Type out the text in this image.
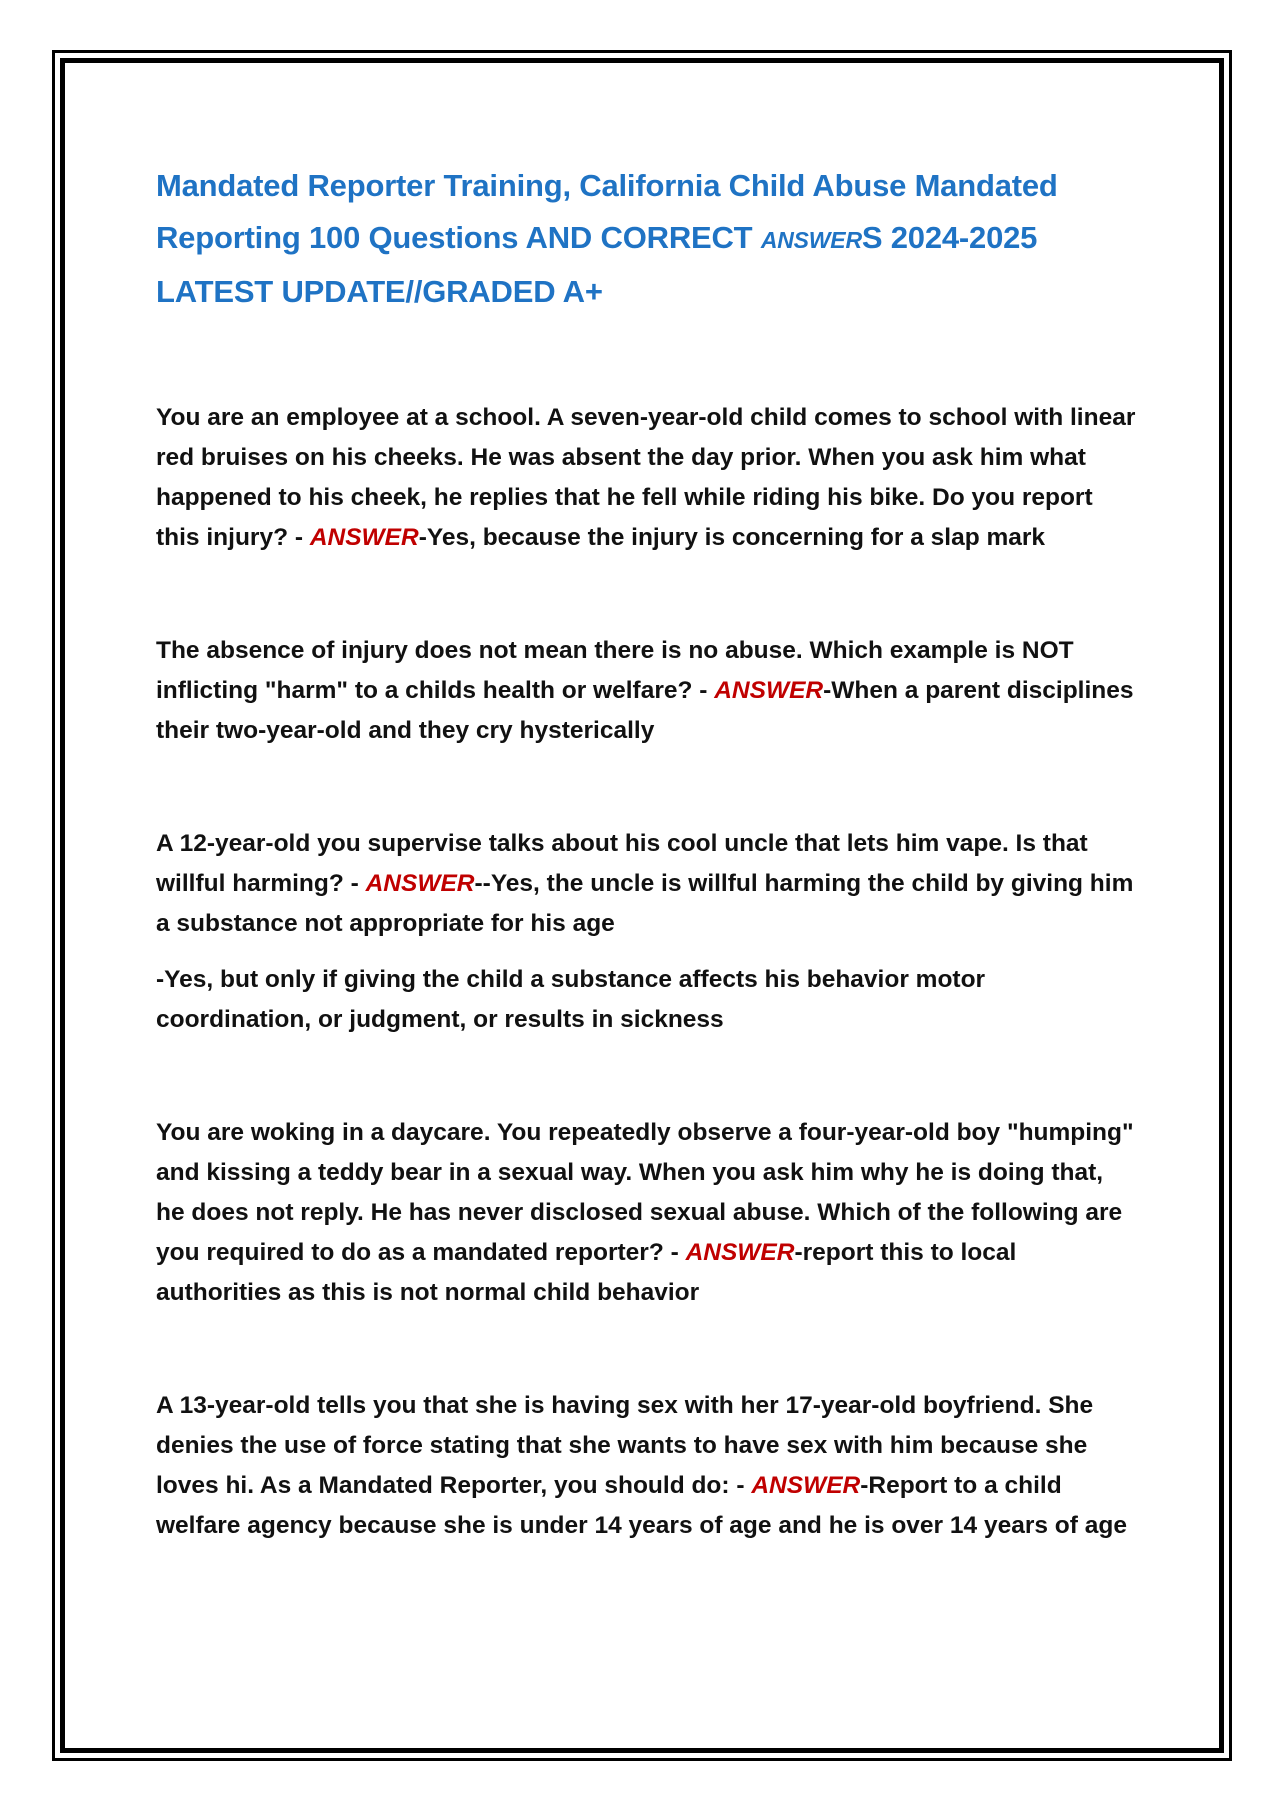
Mandated Reporter Training, California Child Abuse Mandated Reporting 100 Questions AND CORRECT ANSWERS 2024-2025 LATEST UPDATE//GRADED A+

You are an employee at a school. A seven-year-old child comes to school with linear red bruises on his cheeks. He was absent the day prior. When you ask him what happened to his cheek, he replies that he fell while riding his bike. Do you report this injury? - ANSWER-Yes, because the injury is concerning for a slap mark

The absence of injury does not mean there is no abuse. Which example is NOT inflicting "harm" to a childs health or welfare? - ANSWER-When a parent disciplines their two-year-old and they cry hysterically

A 12-year-old you supervise talks about his cool uncle that lets him vape. Is that willful harming? - ANSWER--Yes, the uncle is willful harming the child by giving him a substance not appropriate for his age

-Yes, but only if giving the child a substance affects his behavior motor coordination, or judgment, or results in sickness

You are woking in a daycare. You repeatedly observe a four-year-old boy "humping" and kissing a teddy bear in a sexual way. When you ask him why he is doing that, he does not reply. He has never disclosed sexual abuse. Which of the following are you required to do as a mandated reporter? - ANSWER-report this to local authorities as this is not normal child behavior

A 13-year-old tells you that she is having sex with her 17-year-old boyfriend. She denies the use of force stating that she wants to have sex with him because she loves hi. As a Mandated Reporter, you should do: - ANSWER-Report to a child welfare agency because she is under 14 years of age and he is over 14 years of age
